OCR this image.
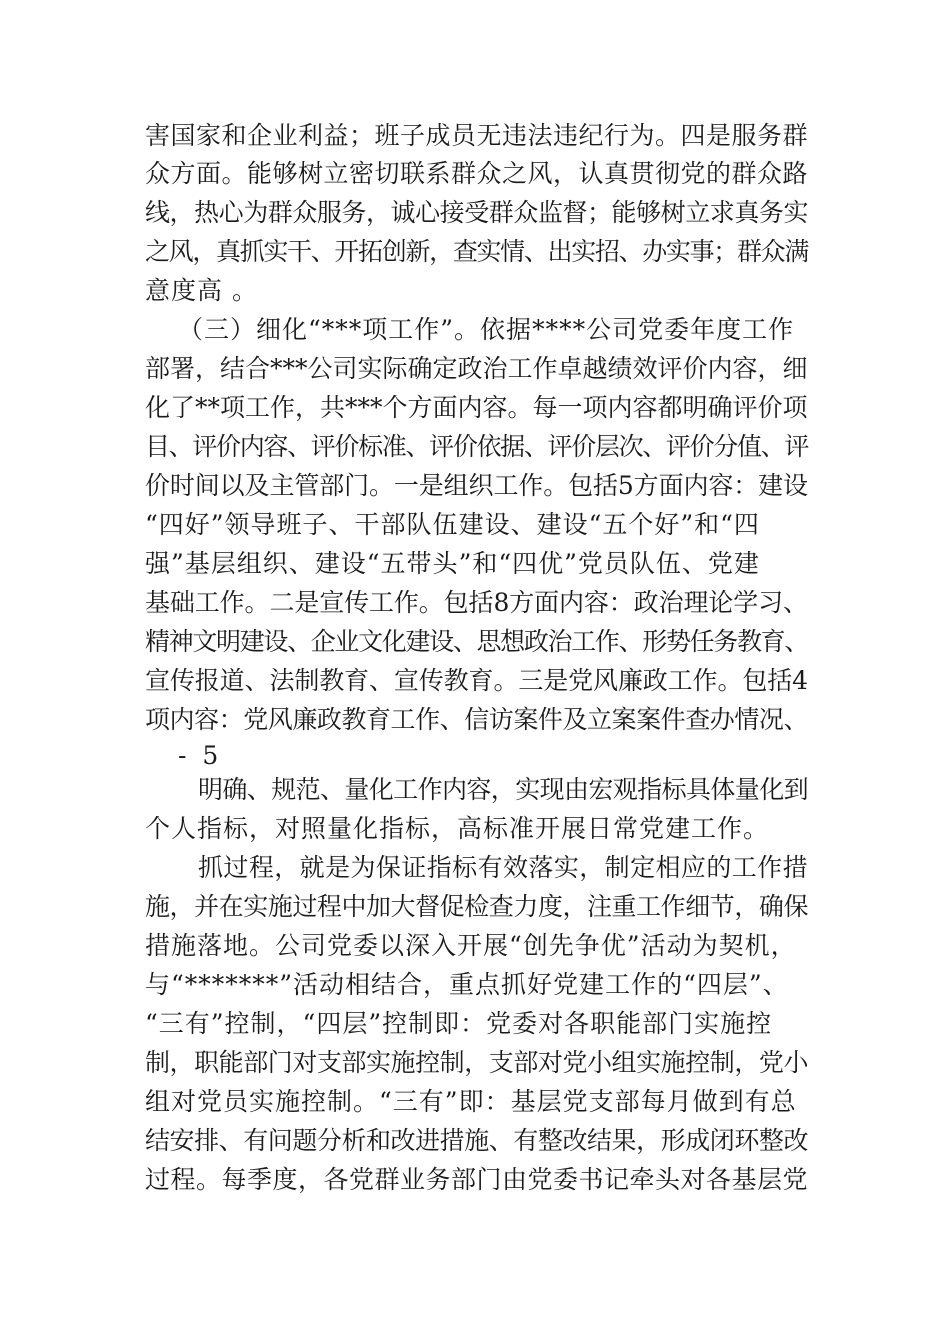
害国家和企业利益；班子成员无违法违纪行为。四是服务群
众方面。能够树立密切联系群众之风，认真贯彻党的群众路
线，热心为群众服务，诚心接受群众监督；能够树立求真务实
之风，真抓实干、开拓创新，查实情、出实招、办实事；群众满
意度高 。
（三）细化“***项工作”。依据****公司党委年度工作
部署，结合***公司实际确定政治工作卓越绩效评价内容，细
化了**项工作，共***个方面内容。每一项内容都明确评价项
目、评价内容、评价标准、评价依据、评价层次、评价分值、评
价时间以及主管部门。一是组织工作。包括5方面内容：建设
“四好”领导班子、干部队伍建设、建设“五个好”和“四
强”基层组织、建设“五带头”和“四优”党员队伍、党建
基础工作。二是宣传工作。包括8方面内容：政治理论学习、
精神文明建设、企业文化建设、思想政治工作、形势任务教育、
宣传报道、法制教育、宣传教育。三是党风廉政工作。包括4
项内容：党风廉政教育工作、信访案件及立案案件查办情况、
- 5
明确、规范、量化工作内容，实现由宏观指标具体量化到
个人指标，对照量化指标，高标准开展日常党建工作。
抓过程，就是为保证指标有效落实，制定相应的工作措
施，并在实施过程中加大督促检查力度，注重工作细节，确保
措施落地。公司党委以深入开展“创先争优”活动为契机，
与“*******”活动相结合，重点抓好党建工作的“四层”、
“三有”控制，“四层”控制即：党委对各职能部门实施控
制，职能部门对支部实施控制，支部对党小组实施控制，党小
组对党员实施控制。“三有”即：基层党支部每月做到有总
结安排、有问题分析和改进措施、有整改结果，形成闭环整改
过程。每季度，各党群业务部门由党委书记牵头对各基层党
